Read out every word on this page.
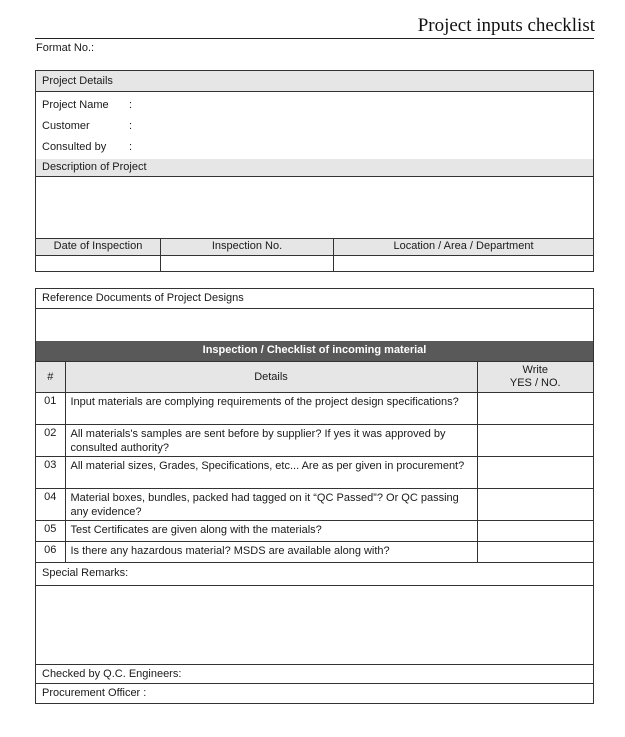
Project inputs checklist
Format No.:
Project Details
Project Name :
Customer	:
Consulted by :
Description of Project
Date of Inspection	Inspection No.	Location / Area / Department
Reference Documents of Project Designs
Inspection / Checklist of incoming material
#	Details	Write
YES / NO.

01	Input materials are complying requirements of the project design specifications?	
02	All materials's samples are sent before by supplier? If yes it was approved by consulted authority?	
03	All material sizes, Grades, Specifications, etc... Are as per given in procurement?	
04	Material boxes, bundles, packed had tagged on it “QC Passed”? Or QC passing any evidence?	
05	Test Certificates are given along with the materials?	
06	Is there any hazardous material? MSDS are available along with?	
Special Remarks:
Checked by Q.C. Engineers:
Procurement Officer :
